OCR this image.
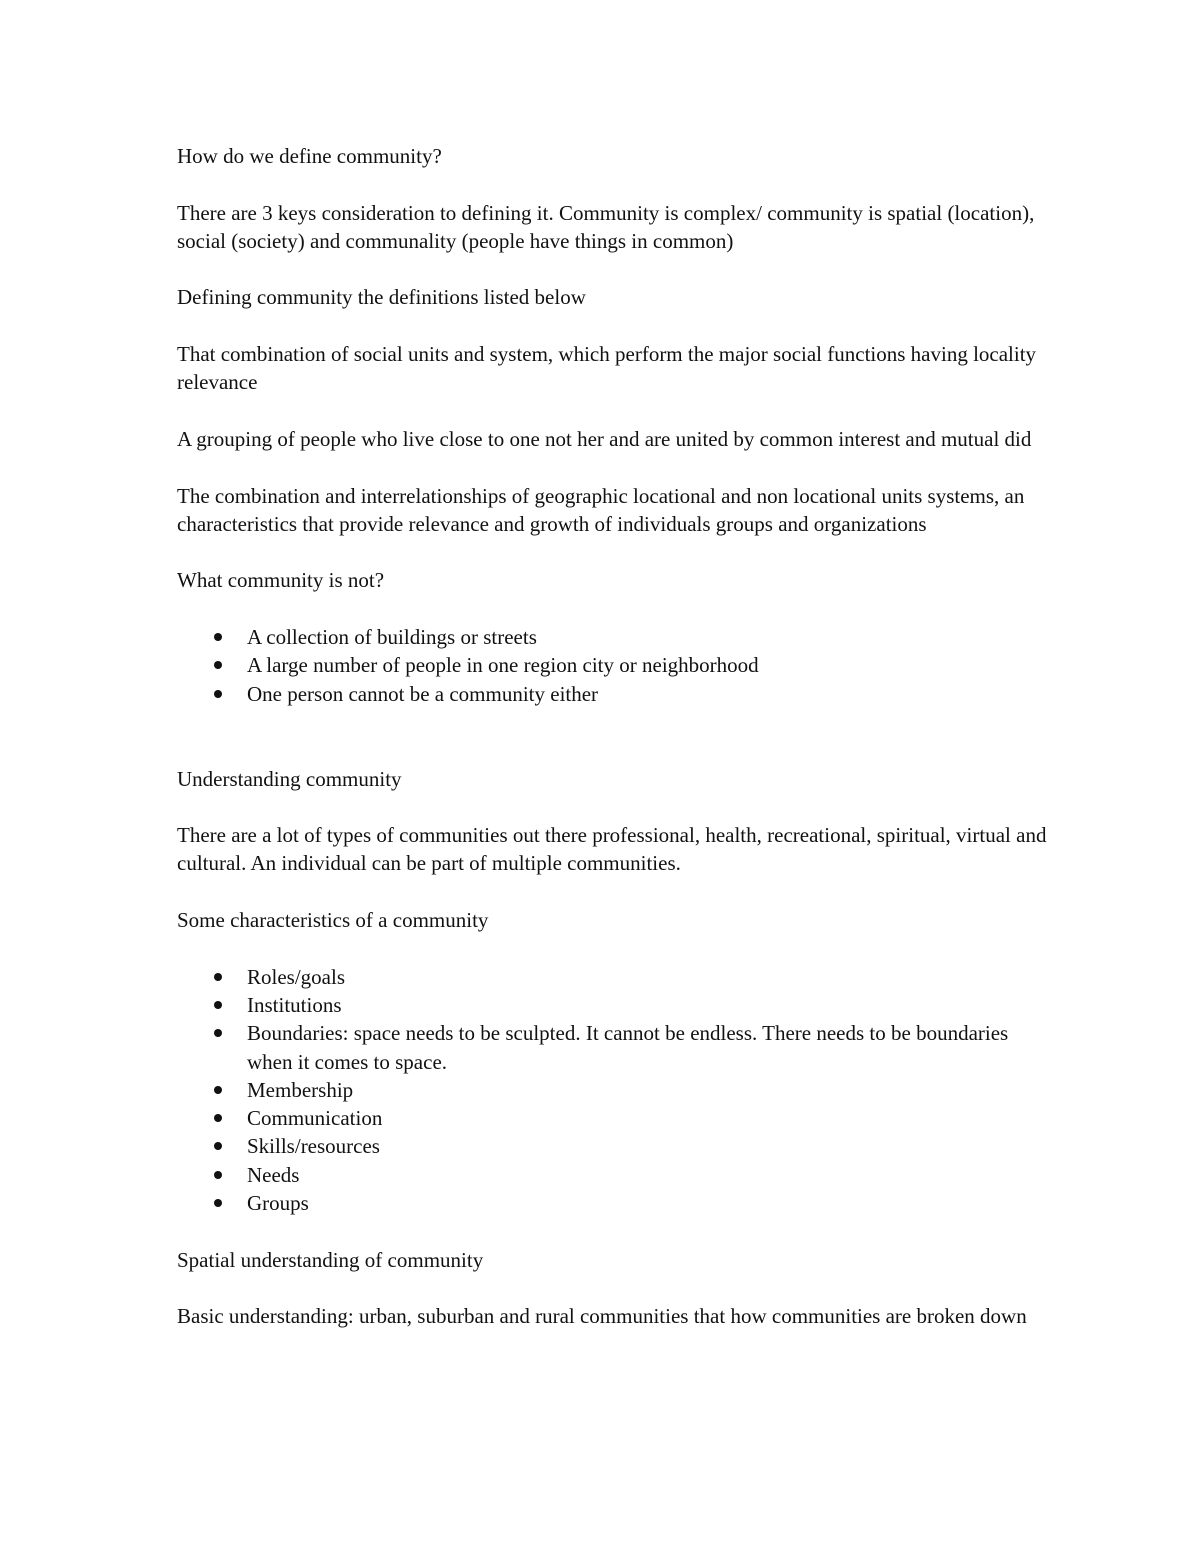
How do we define community?

There are 3 keys consideration to defining it. Community is complex/ community is spatial (location), social (society) and communality (people have things in common)

Defining community the definitions listed below

That combination of social units and system, which perform the major social functions having locality relevance

A grouping of people who live close to one not her and are united by common interest and mutual did

The combination and interrelationships of geographic locational and non locational units systems, an characteristics that provide relevance and growth of individuals groups and organizations

What community is not?

A collection of buildings or streets
A large number of people in one region city or neighborhood
One person cannot be a community either

Understanding community

There are a lot of types of communities out there professional, health, recreational, spiritual, virtual and cultural. An individual can be part of multiple communities.

Some characteristics of a community

Roles/goals
Institutions
Boundaries: space needs to be sculpted. It cannot be endless. There needs to be boundaries when it comes to space.
Membership
Communication
Skills/resources
Needs
Groups

Spatial understanding of community

Basic understanding: urban, suburban and rural communities that how communities are broken down
